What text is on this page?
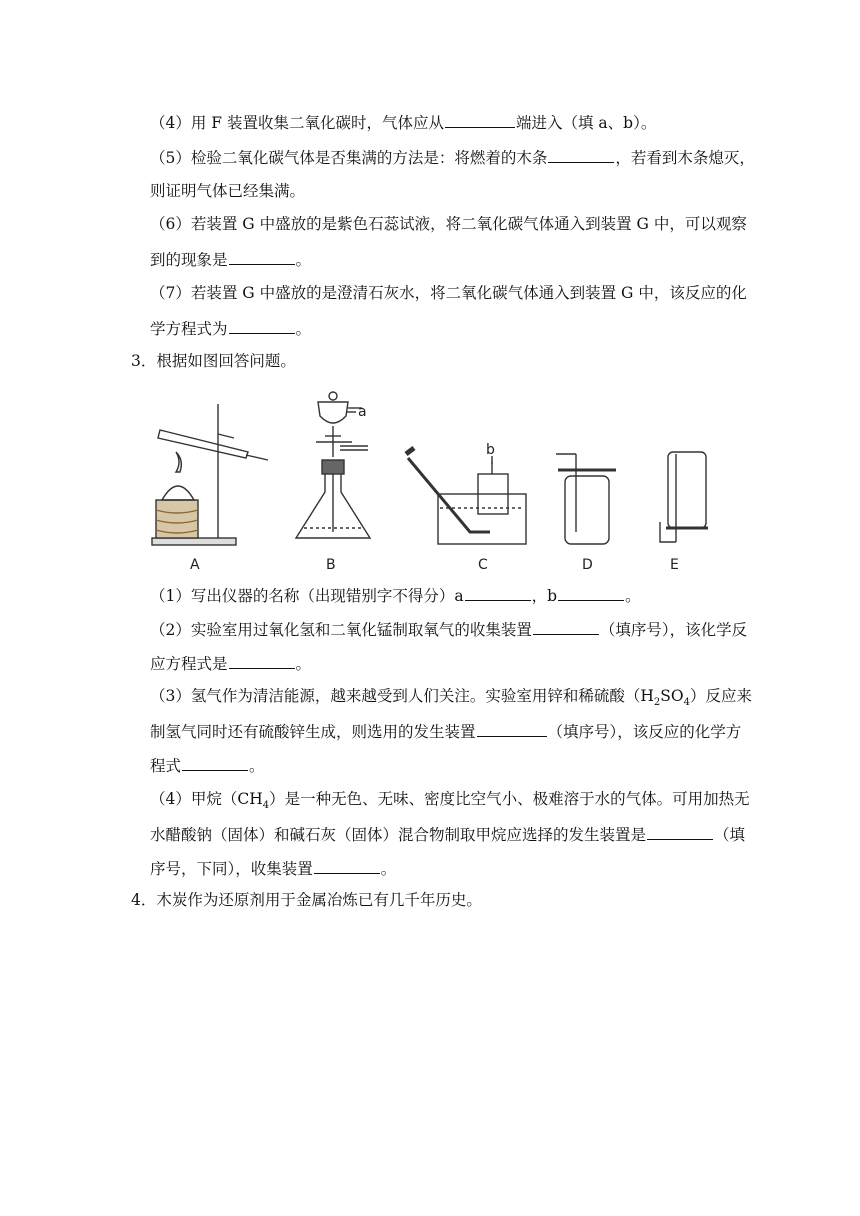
（4）用 F 装置收集二氧化碳时，气体应从	端进入（填 a、b）。
（5）检验二氧化碳气体是否集满的方法是：将燃着的木条	，若看到木条熄灭，
则证明气体已经集满。
（6）若装置 G 中盛放的是紫色石蕊试液，将二氧化碳气体通入到装置 G 中，可以观察
到的现象是	。
（7）若装置 G 中盛放的是澄清石灰水，将二氧化碳气体通入到装置 G 中，该反应的化
学方程式为	。
3．根据如图回答问题。
a
b
A	B	C	D	E
（1）写出仪器的名称（出现错别字不得分）a	，b	。
（2）实验室用过氧化氢和二氧化锰制取氧气的收集装置	（填序号），该化学反
应方程式是	。
（3）氢气作为清洁能源，越来越受到人们关注。实验室用锌和稀硫酸$(H_2SO_4)$反应来
制氢气同时还有硫酸锌生成，则选用的发生装置	（填序号），该反应的化学方
程式	。
（4）甲烷$(CH_4)$是一种无色、无味、密度比空气小、极难溶于水的气体。可用加热无
水醋酸钠（固体）和碱石灰（固体）混合物制取甲烷应选择的发生装置是	（填
序号，下同），收集装置	。
4．木炭作为还原剂用于金属冶炼已有几千年历史。
